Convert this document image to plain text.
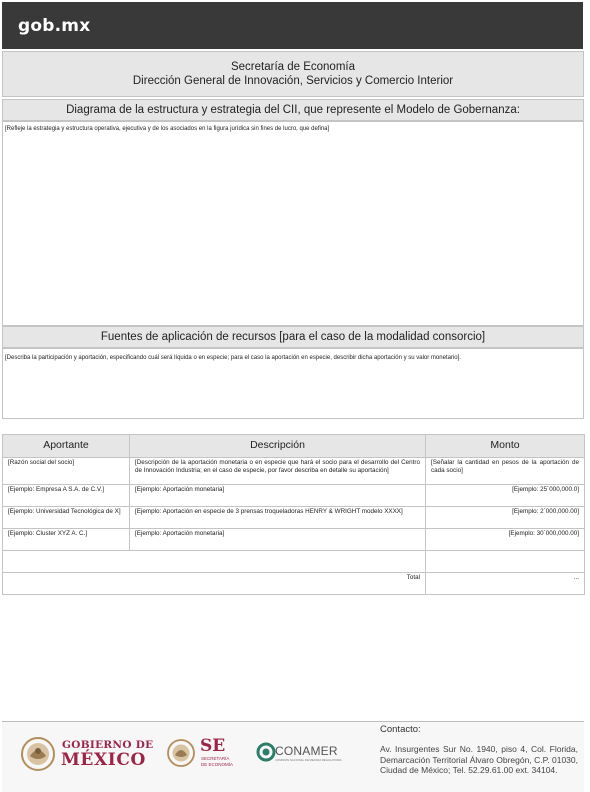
gob.mx
Secretaría de Economía
Dirección General de Innovación, Servicios y Comercio Interior
Diagrama de la estructura y estrategia del CII, que represente el Modelo de Gobernanza:
[Refleje la estrategia y estructura operativa, ejecutiva y de los asociados en la figura jurídica sin fines de lucro, que defina]
Fuentes de aplicación de recursos [para el caso de la modalidad consorcio]
[Describa la participación y aportación, especificando cuál será líquida o en especie; para el caso la aportación en especie, describir dicha aportación y su valor monetario].
Aportante	Descripción	Monto
[Razón social del socio]	[Descripción de la aportación monetaria o en especie que hará el socio para el desarrollo del Centro de Innovación Industria; en el caso de especie, por favor describa en detalle su aportación]	[Señalar la cantidad en pesos de la aportación de cada socio]
[Ejemplo: Empresa A S.A. de C.V.]	[Ejemplo: Aportación monetaria]	[Ejemplo: 25´000,000.0]
[Ejemplo: Universidad Tecnológica de X]	[Ejemplo: Aportación en especie de 3 prensas troqueladoras HENRY & WRIGHT modelo XXXX]	[Ejemplo: 2´000,000.00]
[Ejemplo: Cluster XYZ A. C.]	[Ejemplo: Aportación monetaria]	[Ejemplo: 30´000,000.00]

Total		...
GOBIERNO DE
MÉXICO
SE
SECRETARÍA
DE ECONOMÍA
CONAMER
COMISIÓN NACIONAL DE MEJORA REGULATORIA
Contacto:
Av. Insurgentes Sur No. 1940, piso 4, Col. Florida, Demarcación Territorial Álvaro Obregón, C.P. 01030, Ciudad de México; Tel. 52.29.61.00 ext. 34104.
